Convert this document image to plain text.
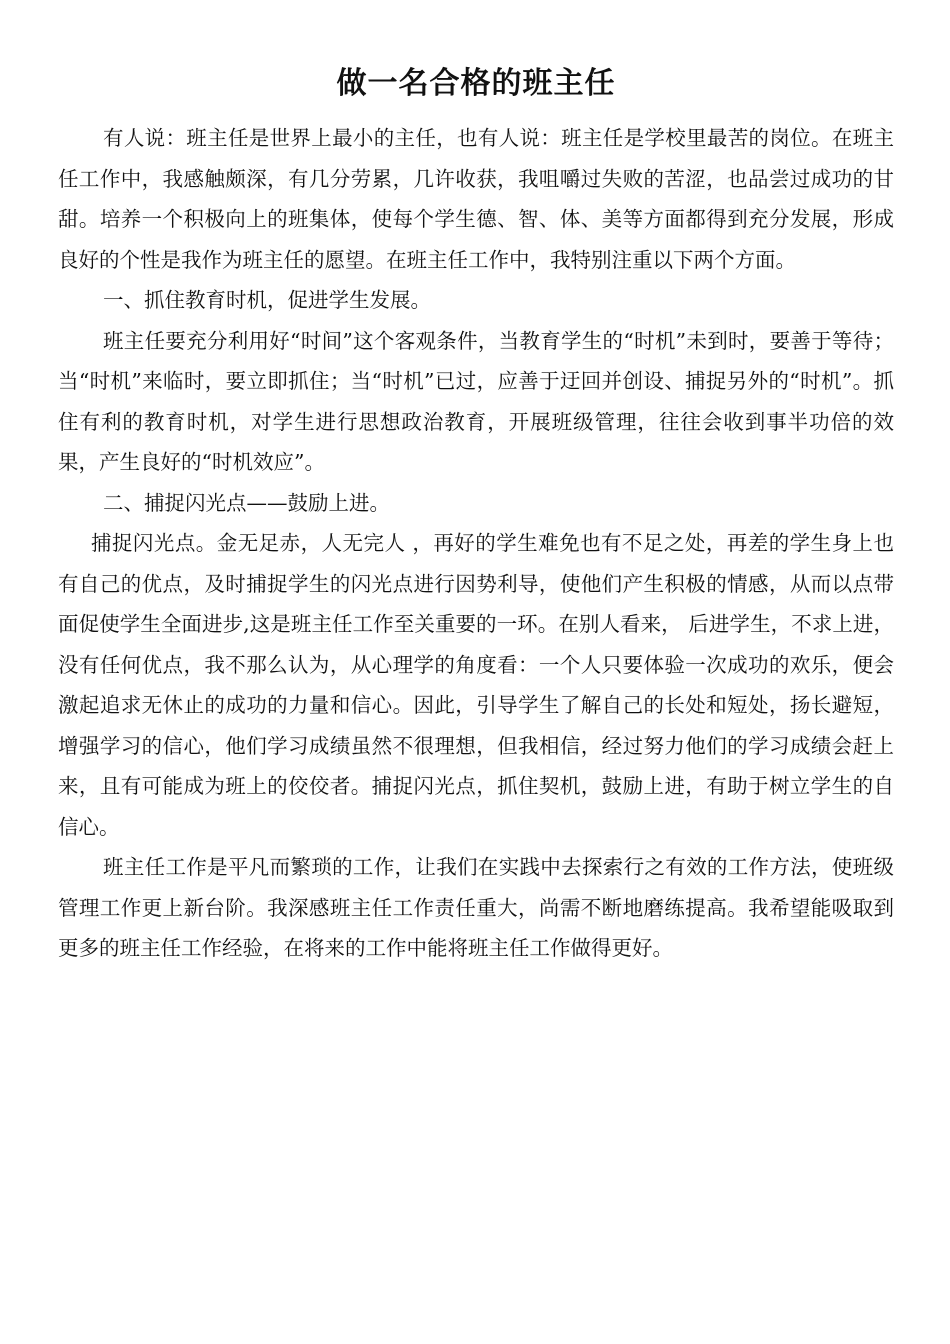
做一名合格的班主任

有人说：班主任是世界上最小的主任，也有人说：班主任是学校里最苦的岗位。在班主任工作中，我感触颇深，有几分劳累，几许收获，我咀嚼过失败的苦涩，也品尝过成功的甘甜。培养一个积极向上的班集体，使每个学生德、智、体、美等方面都得到充分发展，形成良好的个性是我作为班主任的愿望。在班主任工作中，我特别注重以下两个方面。

一、抓住教育时机，促进学生发展。

班主任要充分利用好“时间”这个客观条件，当教育学生的“时机”未到时，要善于等待；当“时机”来临时，要立即抓住；当“时机”已过，应善于迂回并创设、捕捉另外的“时机”。抓住有利的教育时机，对学生进行思想政治教育，开展班级管理，往往会收到事半功倍的效果，产生良好的“时机效应”。

二、捕捉闪光点——鼓励上进。

捕捉闪光点。金无足赤，人无完人 ，再好的学生难免也有不足之处，再差的学生身上也有自己的优点，及时捕捉学生的闪光点进行因势利导，使他们产生积极的情感，从而以点带面促使学生全面进步,这是班主任工作至关重要的一环。在别人看来， 后进学生，不求上进，没有任何优点，我不那么认为，从心理学的角度看：一个人只要体验一次成功的欢乐，便会激起追求无休止的成功的力量和信心。因此，引导学生了解自己的长处和短处，扬长避短，增强学习的信心，他们学习成绩虽然不很理想，但我相信，经过努力他们的学习成绩会赶上来，且有可能成为班上的佼佼者。捕捉闪光点，抓住契机，鼓励上进，有助于树立学生的自信心。

班主任工作是平凡而繁琐的工作，让我们在实践中去探索行之有效的工作方法，使班级管理工作更上新台阶。我深感班主任工作责任重大，尚需不断地磨练提高。我希望能吸取到更多的班主任工作经验，在将来的工作中能将班主任工作做得更好。
